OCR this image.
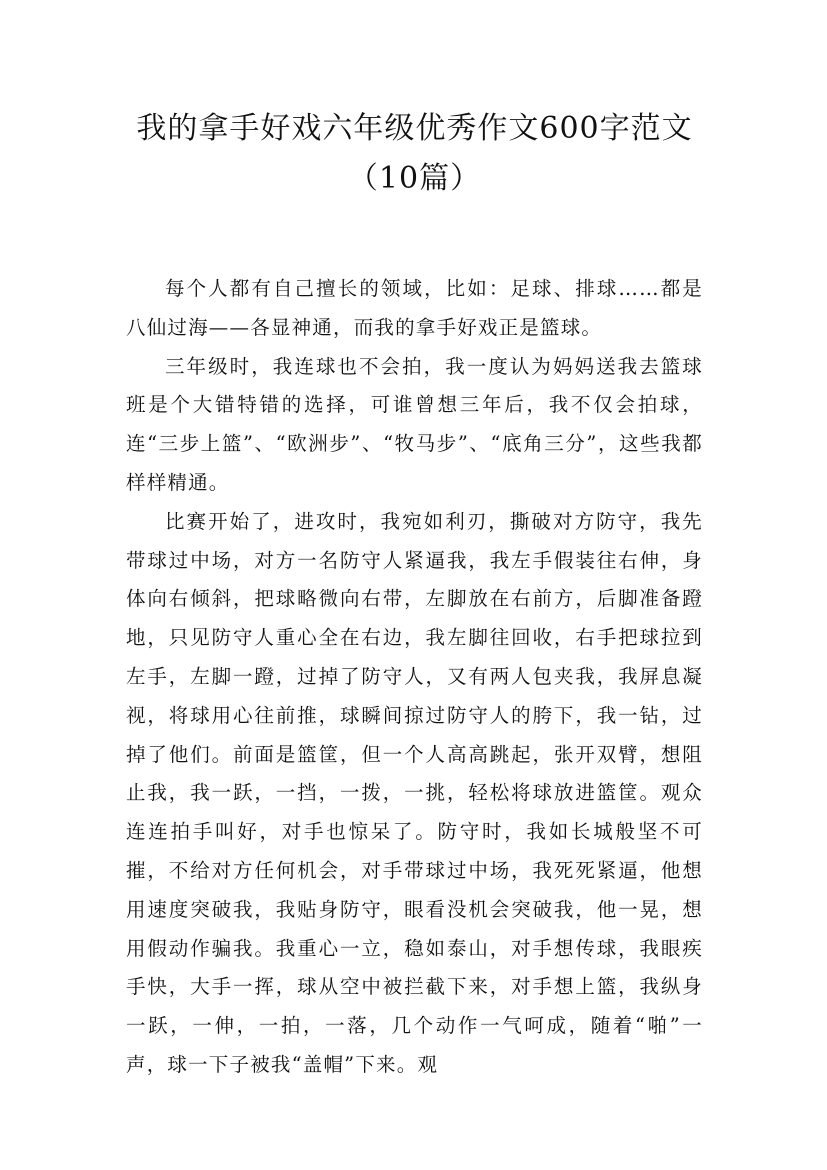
我的拿手好戏六年级优秀作文600字范文
（10篇）

每个人都有自己擅长的领域，比如：足球、排球……都是八仙过海——各显神通，而我的拿手好戏正是篮球。

三年级时，我连球也不会拍，我一度认为妈妈送我去篮球班是个大错特错的选择，可谁曾想三年后，我不仅会拍球，连“三步上篮”、“欧洲步”、“牧马步”、“底角三分”，这些我都样样精通。

比赛开始了，进攻时，我宛如利刃，撕破对方防守，我先带球过中场，对方一名防守人紧逼我，我左手假装往右伸，身体向右倾斜，把球略微向右带，左脚放在右前方，后脚准备蹬地，只见防守人重心全在右边，我左脚往回收，右手把球拉到左手，左脚一蹬，过掉了防守人，又有两人包夹我，我屏息凝视，将球用心往前推，球瞬间掠过防守人的胯下，我一钻，过掉了他们。前面是篮筐，但一个人高高跳起，张开双臂，想阻止我，我一跃，一挡，一拨，一挑，轻松将球放进篮筐。观众连连拍手叫好，对手也惊呆了。防守时，我如长城般坚不可摧，不给对方任何机会，对手带球过中场，我死死紧逼，他想用速度突破我，我贴身防守，眼看没机会突破我，他一晃，想用假动作骗我。我重心一立，稳如泰山，对手想传球，我眼疾手快，大手一挥，球从空中被拦截下来，对手想上篮，我纵身一跃，一伸，一拍，一落，几个动作一气呵成，随着“啪”一声，球一下子被我“盖帽”下来。观
